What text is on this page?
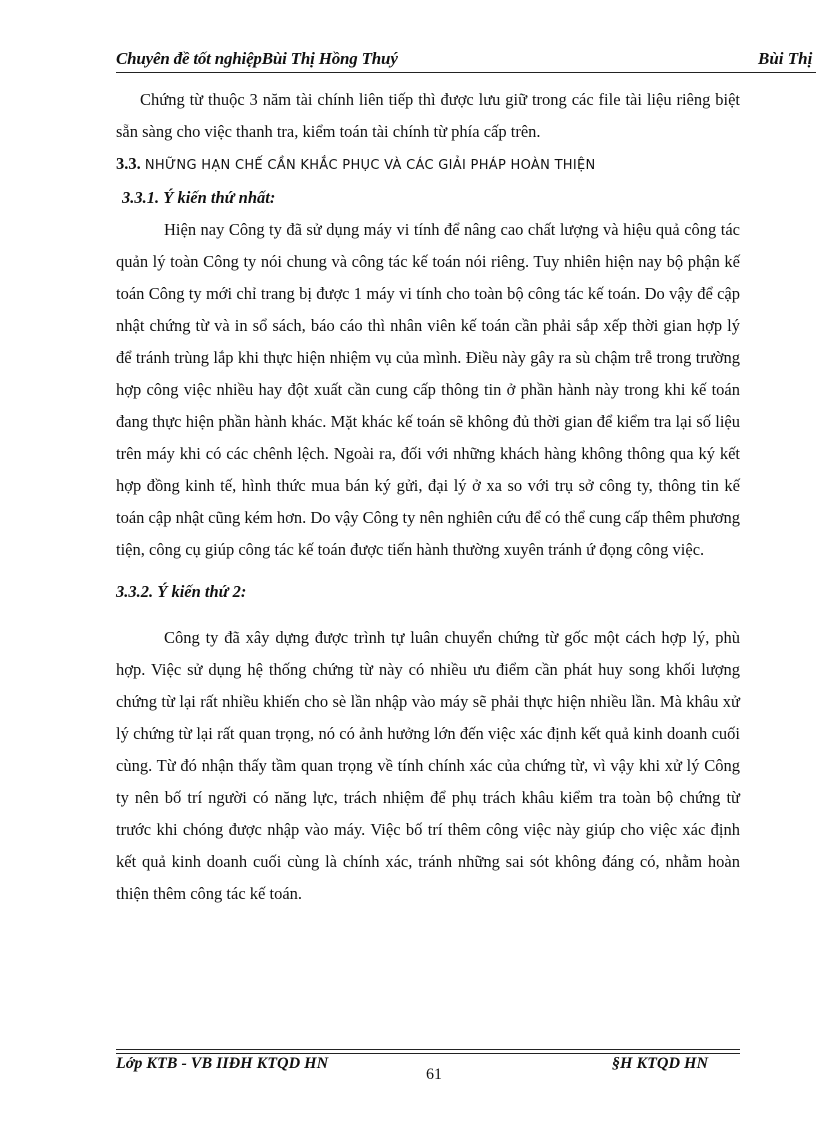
Chuyên đề tốt nghiệpBùi Thị Hồng Thuý	Bùi Thị

Chứng từ thuộc 3 năm tài chính liên tiếp thì được lưu giữ trong các file tài liệu riêng biệt sẵn sàng cho việc thanh tra, kiểm toán tài chính từ phía cấp trên.

3.3. NHỮNG HẠN CHẾ CẦN KHẮC PHỤC VÀ CÁC GIẢI PHÁP HOÀN THIỆN

3.3.1. Ý kiến thứ nhất:

Hiện nay Công ty đã sử dụng máy vi tính để nâng cao chất lượng và hiệu quả công tác quản lý toàn Công ty nói chung và công tác kế toán nói riêng. Tuy nhiên hiện nay bộ phận kế toán Công ty mới chỉ trang bị được 1 máy vi tính cho toàn bộ công tác kế toán. Do vậy để cập nhật chứng từ và in sổ sách, báo cáo thì nhân viên kế toán cần phải sắp xếp thời gian hợp lý để tránh trùng lắp khi thực hiện nhiệm vụ của mình. Điều này gây ra sù chậm trễ trong trường hợp công việc nhiều hay đột xuất cần cung cấp thông tin ở phần hành này trong khi kế toán đang thực hiện phần hành khác. Mặt khác kế toán sẽ không đủ thời gian để kiểm tra lại số liệu trên máy khi có các chênh lệch. Ngoài ra, đối với những khách hàng không thông qua ký kết hợp đồng kinh tế, hình thức mua bán ký gửi, đại lý ở xa so với trụ sở công ty, thông tin kế toán cập nhật cũng kém hơn. Do vậy Công ty nên nghiên cứu để có thể cung cấp thêm phương tiện, công cụ giúp công tác kế toán được tiến hành thường xuyên tránh ứ đọng công việc.

3.3.2. Ý kiến thứ 2:

Công ty đã xây dựng được trình tự luân chuyển chứng từ gốc một cách hợp lý, phù hợp. Việc sử dụng hệ thống chứng từ này có nhiều ưu điểm cần phát huy song khối lượng chứng từ lại rất nhiều khiến cho sè lần nhập vào máy sẽ phải thực hiện nhiều lần. Mà khâu xử lý chứng từ lại rất quan trọng, nó có ảnh hưởng lớn đến việc xác định kết quả kinh doanh cuối cùng. Từ đó nhận thấy tầm quan trọng về tính chính xác của chứng từ, vì vậy khi xử lý Công ty nên bố trí người có năng lực, trách nhiệm để phụ trách khâu kiểm tra toàn bộ chứng từ trước khi chóng được nhập vào máy. Việc bố trí thêm công việc này giúp cho việc xác định kết quả kinh doanh cuối cùng là chính xác, tránh những sai sót không đáng có, nhằm hoàn thiện thêm công tác kế toán.

Lớp KTB - VB IIĐH KTQD HN
61
§H KTQD HN
